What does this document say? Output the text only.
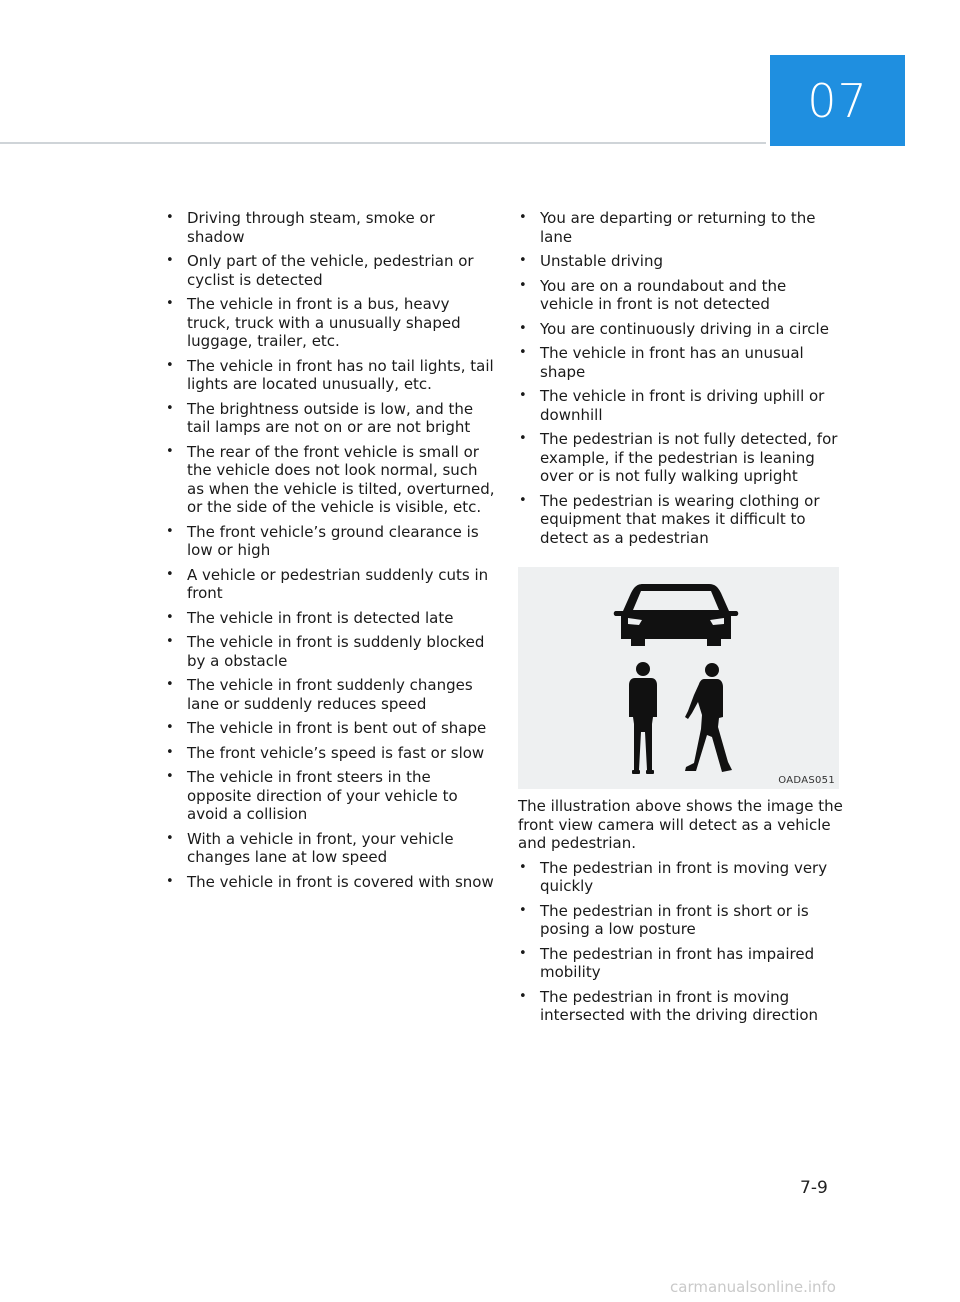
07
• Driving through steam, smoke or shadow
• Only part of the vehicle, pedestrian or cyclist is detected
• The vehicle in front is a bus, heavy truck, truck with a unusually shaped luggage, trailer, etc.
• The vehicle in front has no tail lights, tail lights are located unusually, etc.
• The brightness outside is low, and the tail lamps are not on or are not bright
• The rear of the front vehicle is small or the vehicle does not look normal, such as when the vehicle is tilted, overturned, or the side of the vehicle is visible, etc.
• The front vehicle’s ground clearance is low or high
• A vehicle or pedestrian suddenly cuts in front
• The vehicle in front is detected late
• The vehicle in front is suddenly blocked by a obstacle
• The vehicle in front suddenly changes lane or suddenly reduces speed
• The vehicle in front is bent out of shape
• The front vehicle’s speed is fast or slow
• The vehicle in front steers in the opposite direction of your vehicle to avoid a collision
• With a vehicle in front, your vehicle changes lane at low speed
• The vehicle in front is covered with snow
• You are departing or returning to the lane
• Unstable driving
• You are on a roundabout and the vehicle in front is not detected
• You are continuously driving in a circle
• The vehicle in front has an unusual shape
• The vehicle in front is driving uphill or downhill
• The pedestrian is not fully detected, for example, if the pedestrian is leaning over or is not fully walking upright
• The pedestrian is wearing clothing or equipment that makes it difficult to detect as a pedestrian
OADAS051

The illustration above shows the image the front view camera will detect as a vehicle and pedestrian.

• The pedestrian in front is moving very quickly
• The pedestrian in front is short or is posing a low posture
• The pedestrian in front has impaired mobility
• The pedestrian in front is moving intersected with the driving direction
7-9
carmanualsonline.info
